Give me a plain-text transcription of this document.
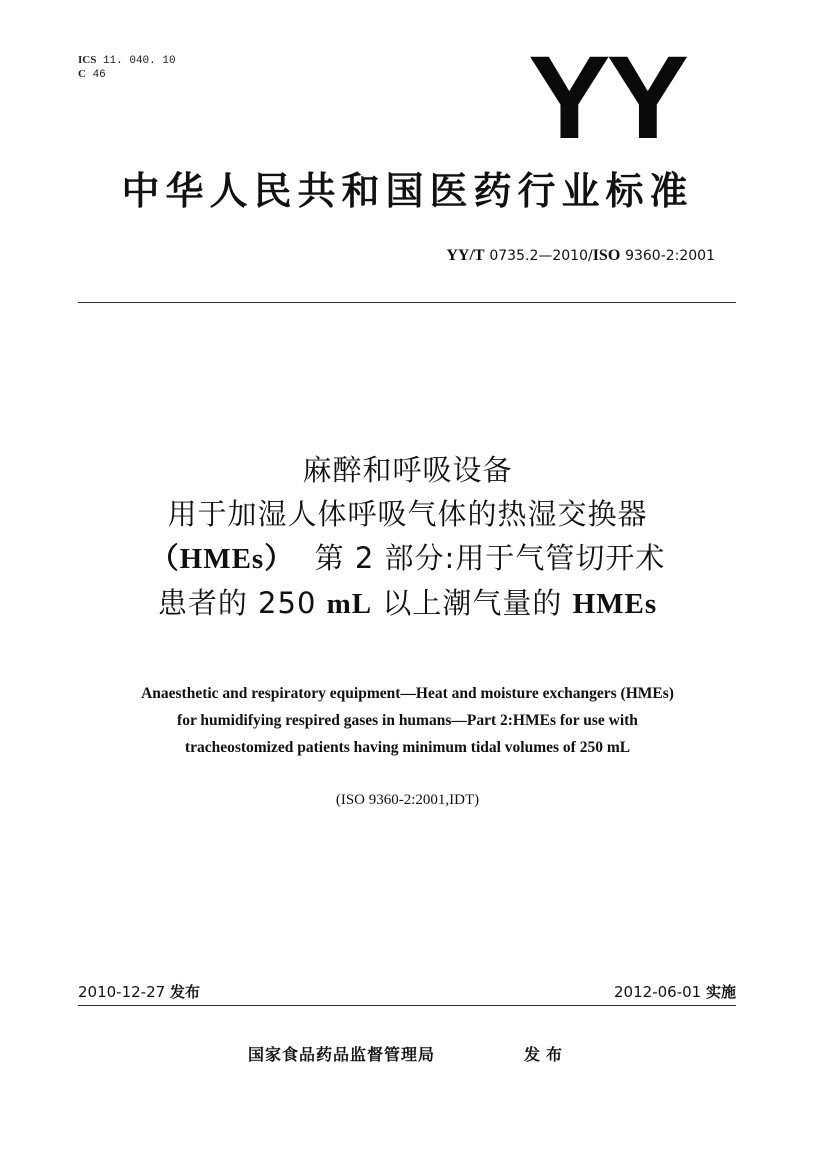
ICS 11. 040. 10
C 46	YY
中华人民共和国医药行业标准
YY/T 0735.2—2010/ISO 9360-2:2001
麻醉和呼吸设备
用于加湿人体呼吸气体的热湿交换器
（HMEs）  第 2 部分:用于气管切开术
患者的 250 mL 以上潮气量的 HMEs
Anaesthetic and respiratory equipment—Heat and moisture exchangers (HMEs)
for humidifying respired gases in humans—Part 2:HMEs for use with
tracheostomized patients having minimum tidal volumes of 250 mL
(ISO 9360-2:2001,IDT)
2010-12-27 发布	2012-06-01 实施
国家食品药品监督管理局	发布
